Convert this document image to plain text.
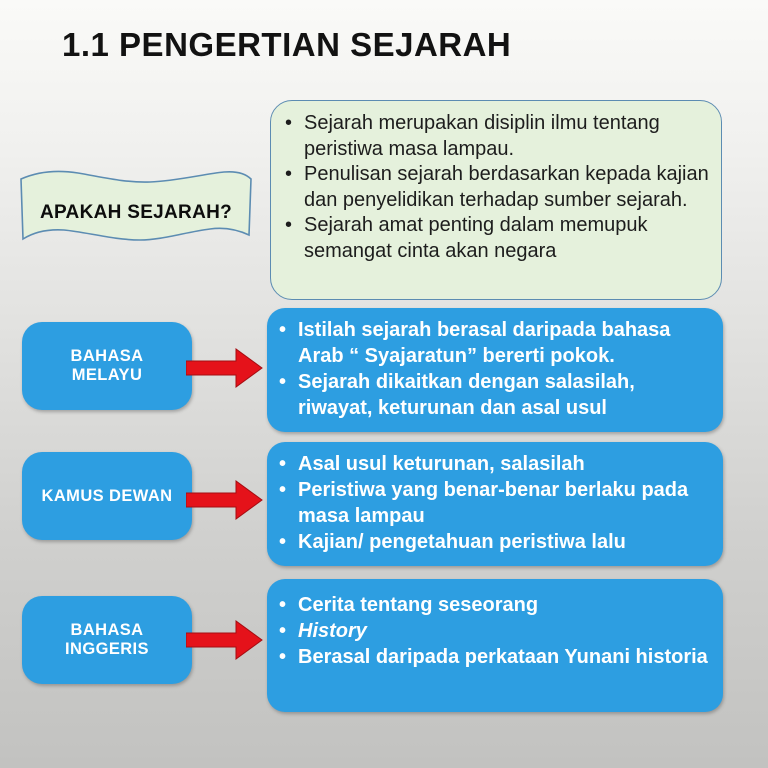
1.1 PENGERTIAN SEJARAH
APAKAH SEJARAH?
• Sejarah merupakan disiplin ilmu tentang peristiwa masa lampau.
• Penulisan sejarah berdasarkan kepada kajian dan penyelidikan terhadap sumber sejarah.
• Sejarah amat penting dalam memupuk semangat cinta akan negara
BAHASA MELAYU
• Istilah sejarah berasal daripada bahasa Arab “ Syajaratun” bererti pokok.
• Sejarah dikaitkan dengan salasilah, riwayat, keturunan dan asal usul
KAMUS DEWAN
• Asal usul keturunan, salasilah
• Peristiwa yang benar-benar berlaku pada masa lampau
• Kajian/ pengetahuan peristiwa lalu
BAHASA INGGERIS
• Cerita tentang seseorang
• History
• Berasal daripada perkataan Yunani historia
